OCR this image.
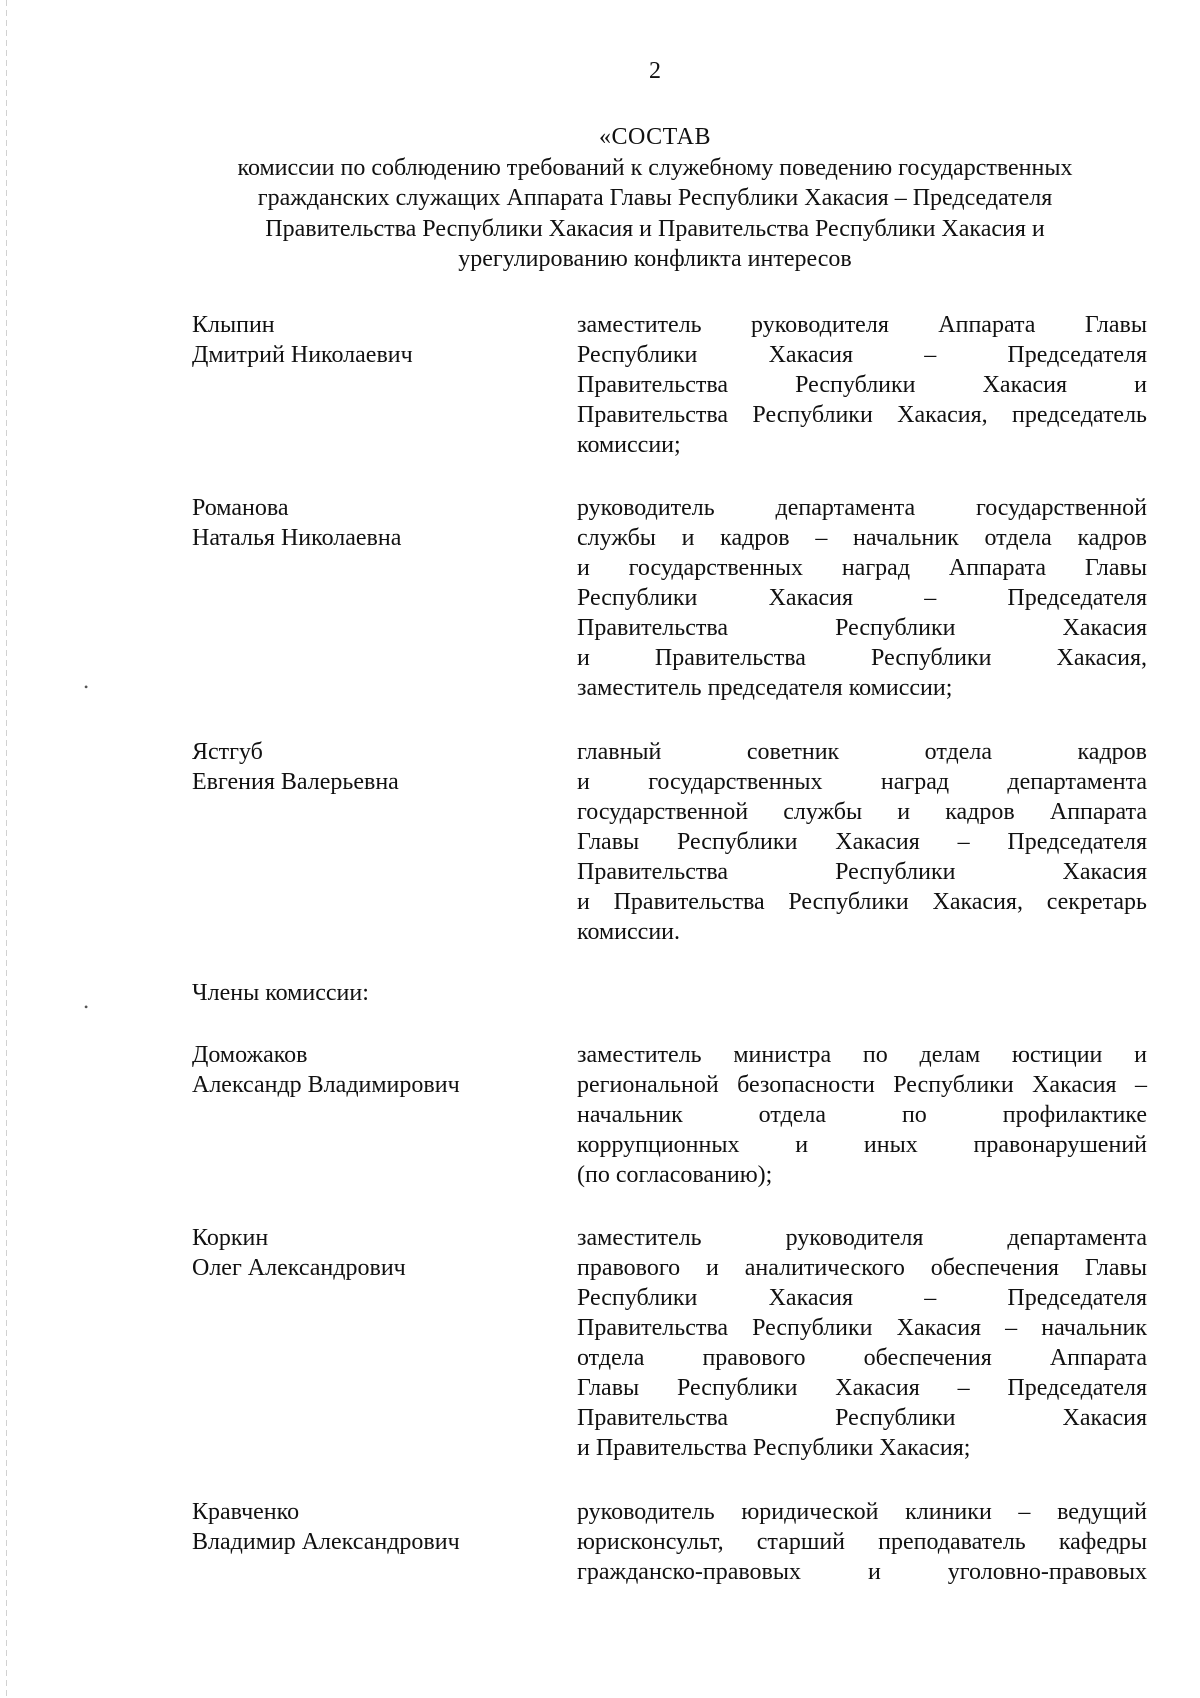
2
«СОСТАВ
комиссии по соблюдению требований к служебному поведению государственных
гражданских служащих Аппарата Главы Республики Хакасия – Председателя
Правительства Республики Хакасия и Правительства Республики Хакасия и
урегулированию конфликта интересов
Клыпин
Дмитрий Николаевич
заместитель руководителя Аппарата Главы
Республики Хакасия – Председателя
Правительства Республики Хакасия и
Правительства Республики Хакасия, председатель
комиссии;
Романова
Наталья Николаевна
руководитель департамента государственной
службы и кадров – начальник отдела кадров
и государственных наград Аппарата Главы
Республики Хакасия – Председателя
Правительства Республики Хакасия
и Правительства Республики Хакасия,
заместитель председателя комиссии;
Ястгуб
Евгения Валерьевна
главный советник отдела кадров
и государственных наград департамента
государственной службы и кадров Аппарата
Главы Республики Хакасия – Председателя
Правительства Республики Хакасия
и Правительства Республики Хакасия, секретарь
комиссии.
Члены комиссии:
Доможаков
Александр Владимирович
заместитель министра по делам юстиции и
региональной безопасности Республики Хакасия –
начальник отдела по профилактике
коррупционных и иных правонарушений
(по согласованию);
Коркин
Олег Александрович
заместитель руководителя департамента
правового и аналитического обеспечения Главы
Республики Хакасия – Председателя
Правительства Республики Хакасия – начальник
отдела правового обеспечения Аппарата
Главы Республики Хакасия – Председателя
Правительства Республики Хакасия
и Правительства Республики Хакасия;
Кравченко
Владимир Александрович
руководитель юридической клиники – ведущий
юрисконсульт, старший преподаватель кафедры
гражданско-правовых и уголовно-правовых
•
•
